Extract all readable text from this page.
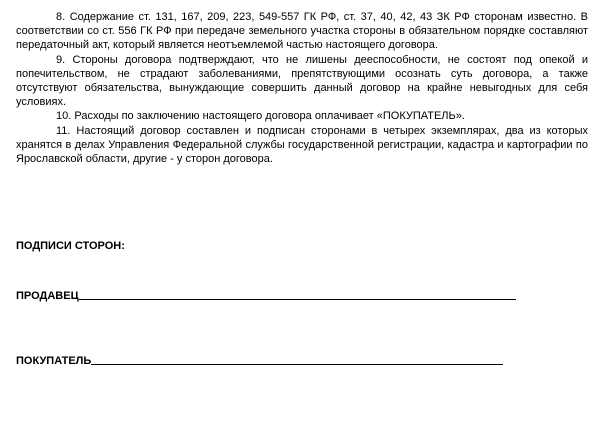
8. Содержание ст. 131, 167, 209, 223, 549-557 ГК РФ, ст. 37, 40, 42, 43 ЗК РФ сторонам известно. В соответствии со ст. 556 ГК РФ при передаче земельного участка стороны в обязательном порядке составляют передаточный акт, который является неотъемлемой частью настоящего договора.

9. Стороны договора подтверждают, что не лишены дееспособности, не состоят под опекой и попечительством, не страдают заболеваниями, препятствующими осознать суть договора, а также отсутствуют обязательства, вынуждающие совершить данный договор на крайне невыгодных для себя условиях.

10. Расходы по заключению настоящего договора оплачивает «ПОКУПАТЕЛЬ».

11. Настоящий договор составлен и подписан сторонами в четырех экземплярах, два из которых хранятся в делах Управления Федеральной службы государственной регистрации, кадастра и картографии по Ярославской области, другие - у сторон договора.

ПОДПИСИ СТОРОН:
ПРОДАВЕЦ
ПОКУПАТЕЛЬ
